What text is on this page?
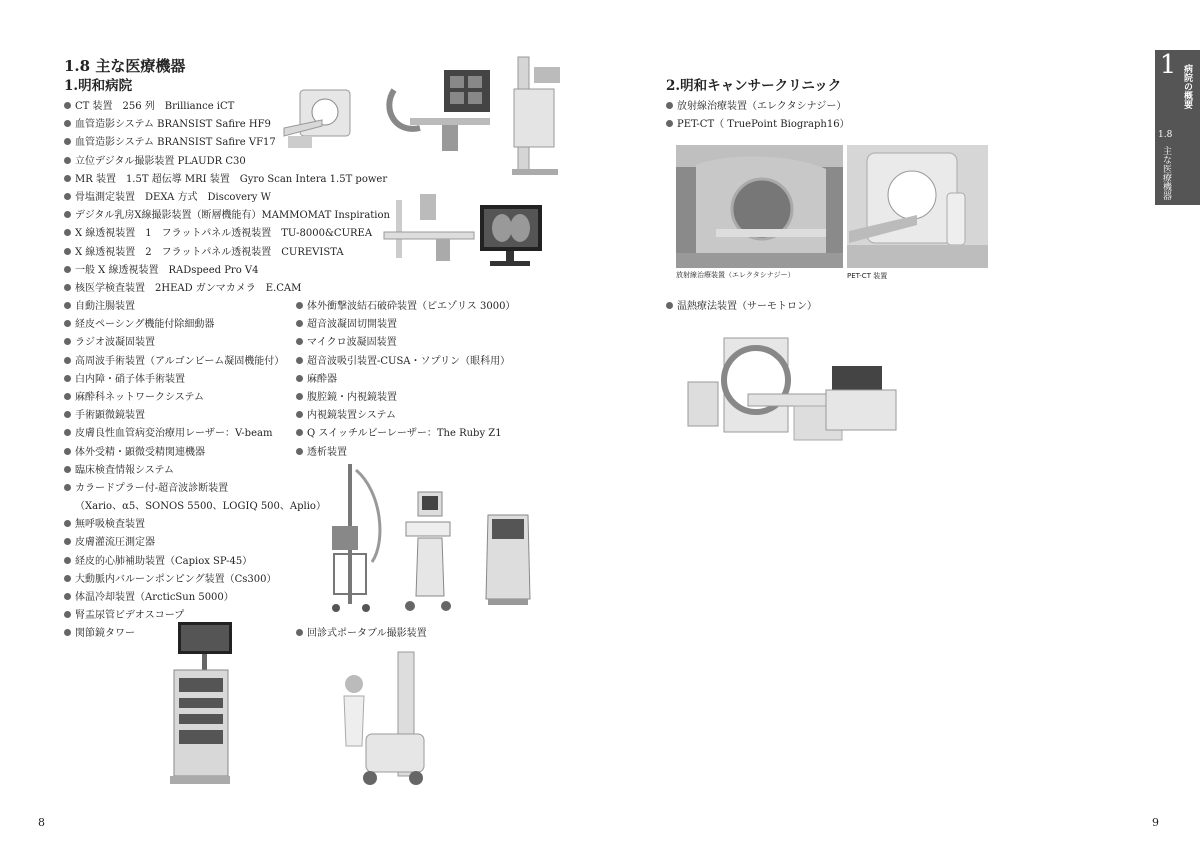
1.8 主な医療機器
1.明和病院
CT 装置　256 列　Brilliance iCT
血管造影システム BRANSIST Safire HF9
血管造影システム BRANSIST Safire VF17
立位デジタル撮影装置 PLAUDR C30
MR 装置　1.5T 超伝導 MRI 装置　Gyro Scan Intera 1.5T power
骨塩測定装置　DEXA 方式　Discovery W
デジタル乳房X線撮影装置（断層機能有）MAMMOMAT Inspiration
X 線透視装置　1　フラットパネル透視装置　TU-8000&CUREA
X 線透視装置　2　フラットパネル透視装置　CUREVISTA
一般 X 線透視装置　RADspeed Pro V4
核医学検査装置　2HEAD ガンマカメラ　E.CAM
自動注腸装置
経皮ペーシング機能付除細動器
ラジオ波凝固装置
高周波手術装置（アルゴンビーム凝固機能付）
白内障・硝子体手術装置
麻酔科ネットワークシステム
手術顕微鏡装置
皮膚良性血管病変治療用レーザー：V-beam
体外受精・顕微受精関連機器
臨床検査情報システム
カラードプラー付-超音波診断装置
（Xario、α5、SONOS 5500、LOGIQ 500、Aplio）
無呼吸検査装置
皮膚灌流圧測定器
経皮的心肺補助装置（Capiox SP-45）
大動脈内バルーンポンピング装置（Cs300）
体温冷却装置（ArcticSun 5000）
腎盂尿管ビデオスコープ
関節鏡タワー
体外衝撃波結石破砕装置（ピエゾリス 3000）
超音波凝固切開装置
マイクロ波凝固装置
超音波吸引装置-CUSA・ソプリン（眼科用）
麻酔器
腹腔鏡・内視鏡装置
内視鏡装置システム
Q スイッチルビーレーザー：The Ruby Z1
透析装置
回診式ポータブル撮影装置
8
2.明和キャンサークリニック
放射線治療装置（エレクタシナジー）
PET-CT（ TruePoint Biograph16）
放射線治療装置（エレクタシナジー）	PET-CT 装置
温熱療法装置（サーモトロン）
9
1 病院の概要
1.8
主な医療機器
